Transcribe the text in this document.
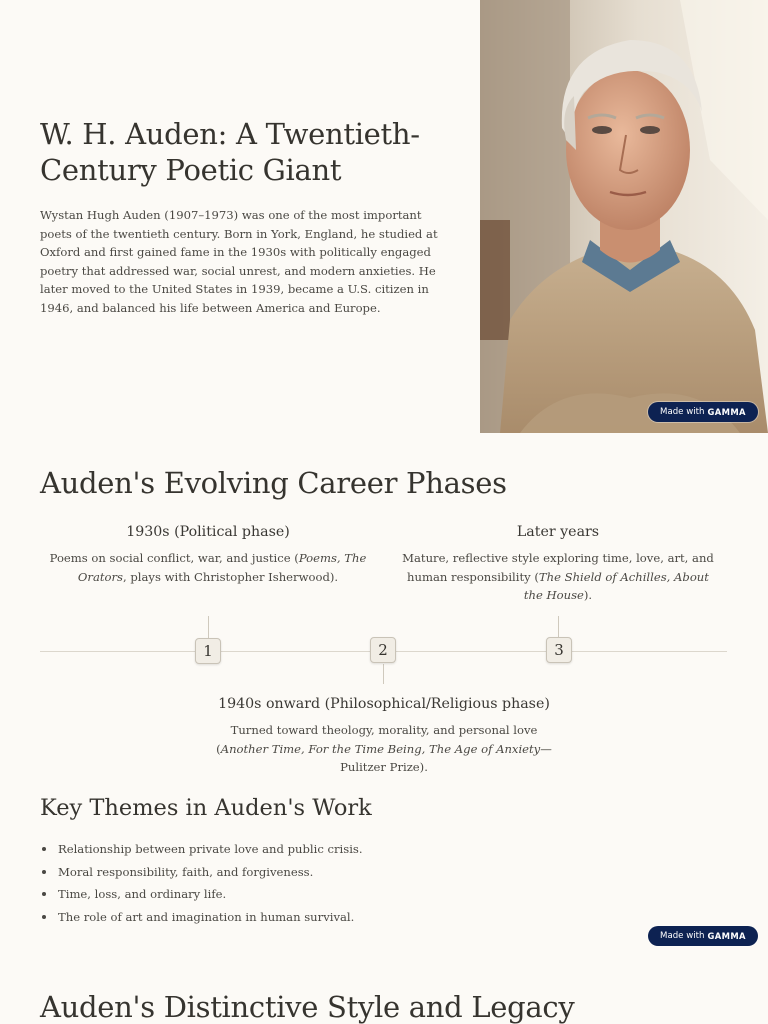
W. H. Auden: A Twentieth-Century Poetic Giant

Wystan Hugh Auden (1907–1973) was one of the most important poets of the twentieth century. Born in York, England, he studied at Oxford and first gained fame in the 1930s with politically engaged poetry that addressed war, social unrest, and modern anxieties. He later moved to the United States in 1939, became a U.S. citizen in 1946, and balanced his life between America and Europe.

Made with GAMMA
Auden's Evolving Career Phases
1930s (Political phase)
Poems on social conflict, war, and justice (Poems, The Orators, plays with Christopher Isherwood).
Later years
Mature, reflective style exploring time, love, art, and human responsibility (The Shield of Achilles, About the House).
1	2	3
1940s onward (Philosophical/Religious phase)
Turned toward theology, morality, and personal love (Another Time, For the Time Being, The Age of Anxiety—
Pulitzer Prize).
Key Themes in Auden's Work
Relationship between private love and public crisis.
Moral responsibility, faith, and forgiveness.
Time, loss, and ordinary life.
The role of art and imagination in human survival.
Made with GAMMA
Auden's Distinctive Style and Legacy
